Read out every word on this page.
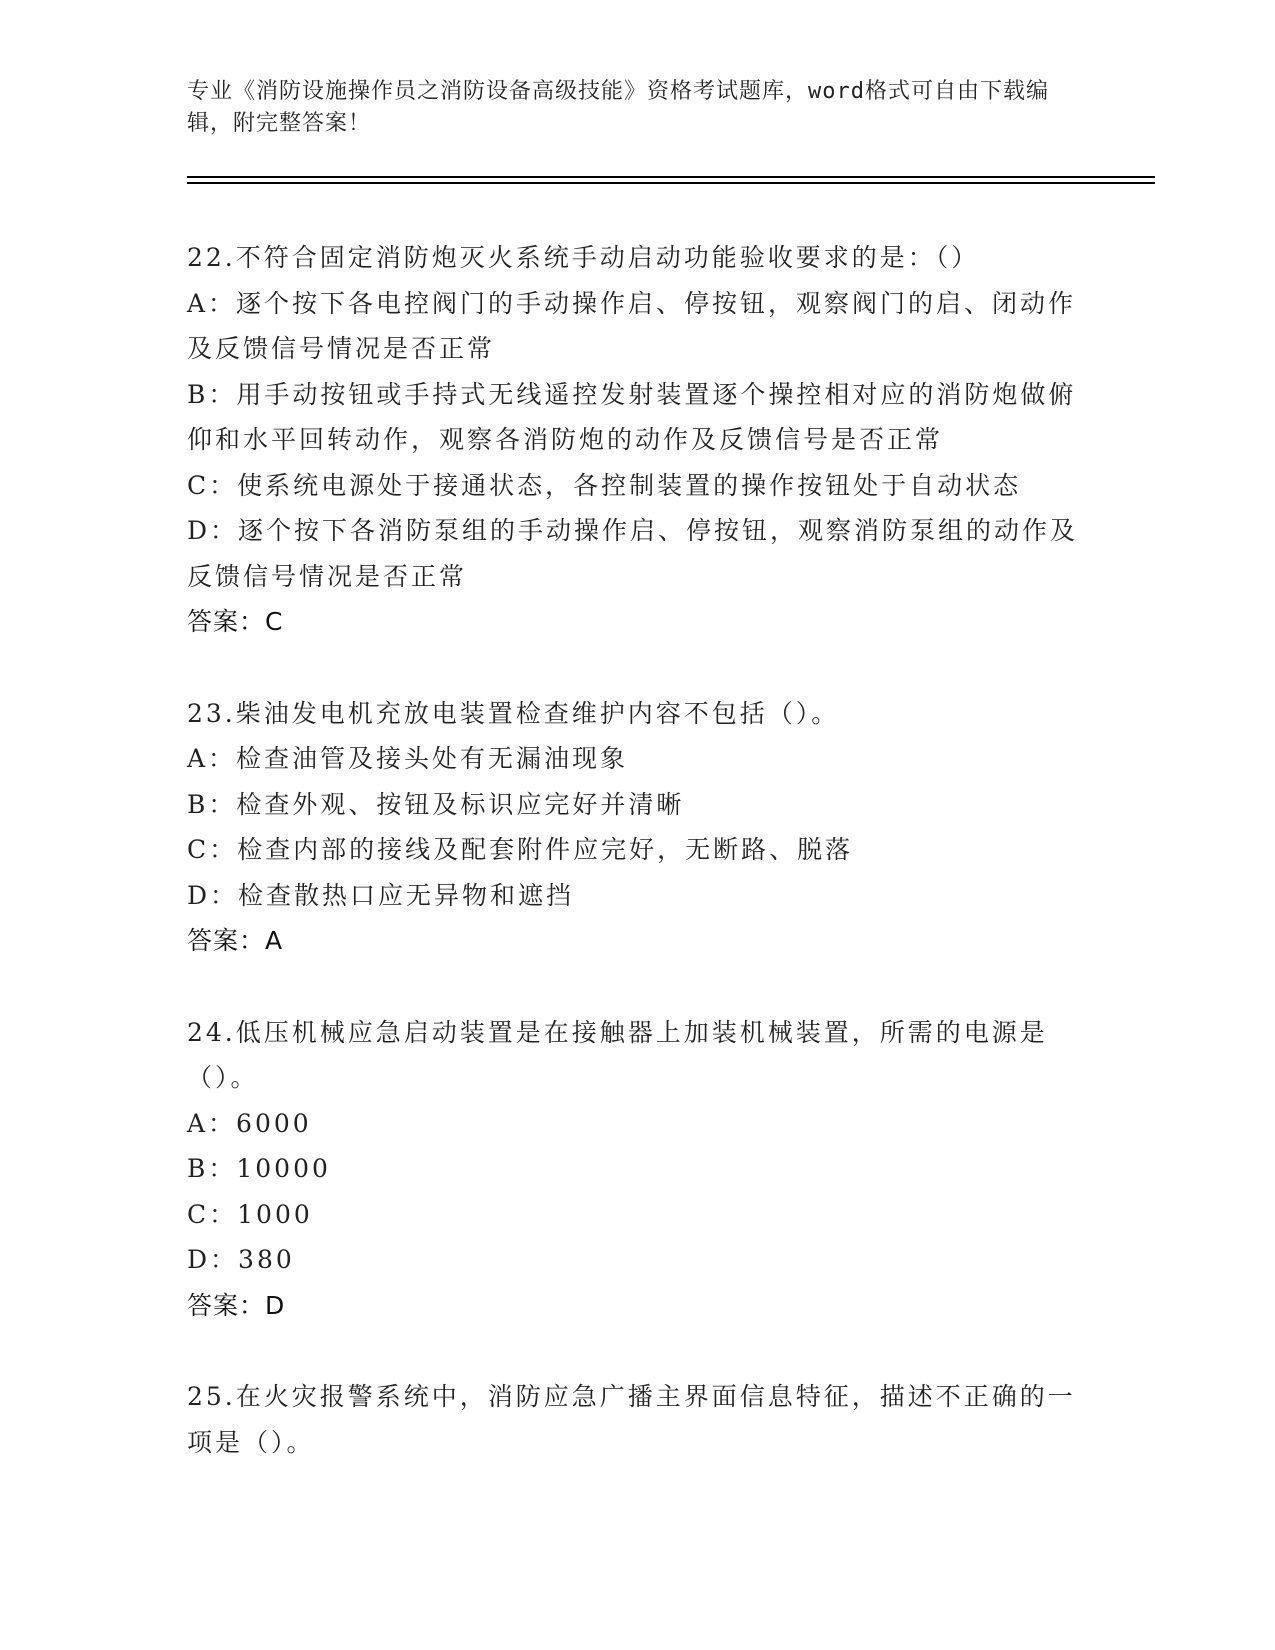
专业《消防设施操作员之消防设备高级技能》资格考试题库，word格式可自由下载编辑，附完整答案！

22.不符合固定消防炮灭火系统手动启动功能验收要求的是：（）

A：逐个按下各电控阀门的手动操作启、停按钮，观察阀门的启、闭动作及反馈信号情况是否正常

B：用手动按钮或手持式无线遥控发射装置逐个操控相对应的消防炮做俯仰和水平回转动作，观察各消防炮的动作及反馈信号是否正常

C：使系统电源处于接通状态，各控制装置的操作按钮处于自动状态

D：逐个按下各消防泵组的手动操作启、停按钮，观察消防泵组的动作及反馈信号情况是否正常

答案：C

23.柴油发电机充放电装置检查维护内容不包括（）。

A：检查油管及接头处有无漏油现象

B：检查外观、按钮及标识应完好并清晰

C：检查内部的接线及配套附件应完好，无断路、脱落

D：检查散热口应无异物和遮挡

答案：A

24.低压机械应急启动装置是在接触器上加装机械装置，所需的电源是（）。

A：6000

B：10000

C：1000

D：380

答案：D

25.在火灾报警系统中，消防应急广播主界面信息特征，描述不正确的一项是（）。
